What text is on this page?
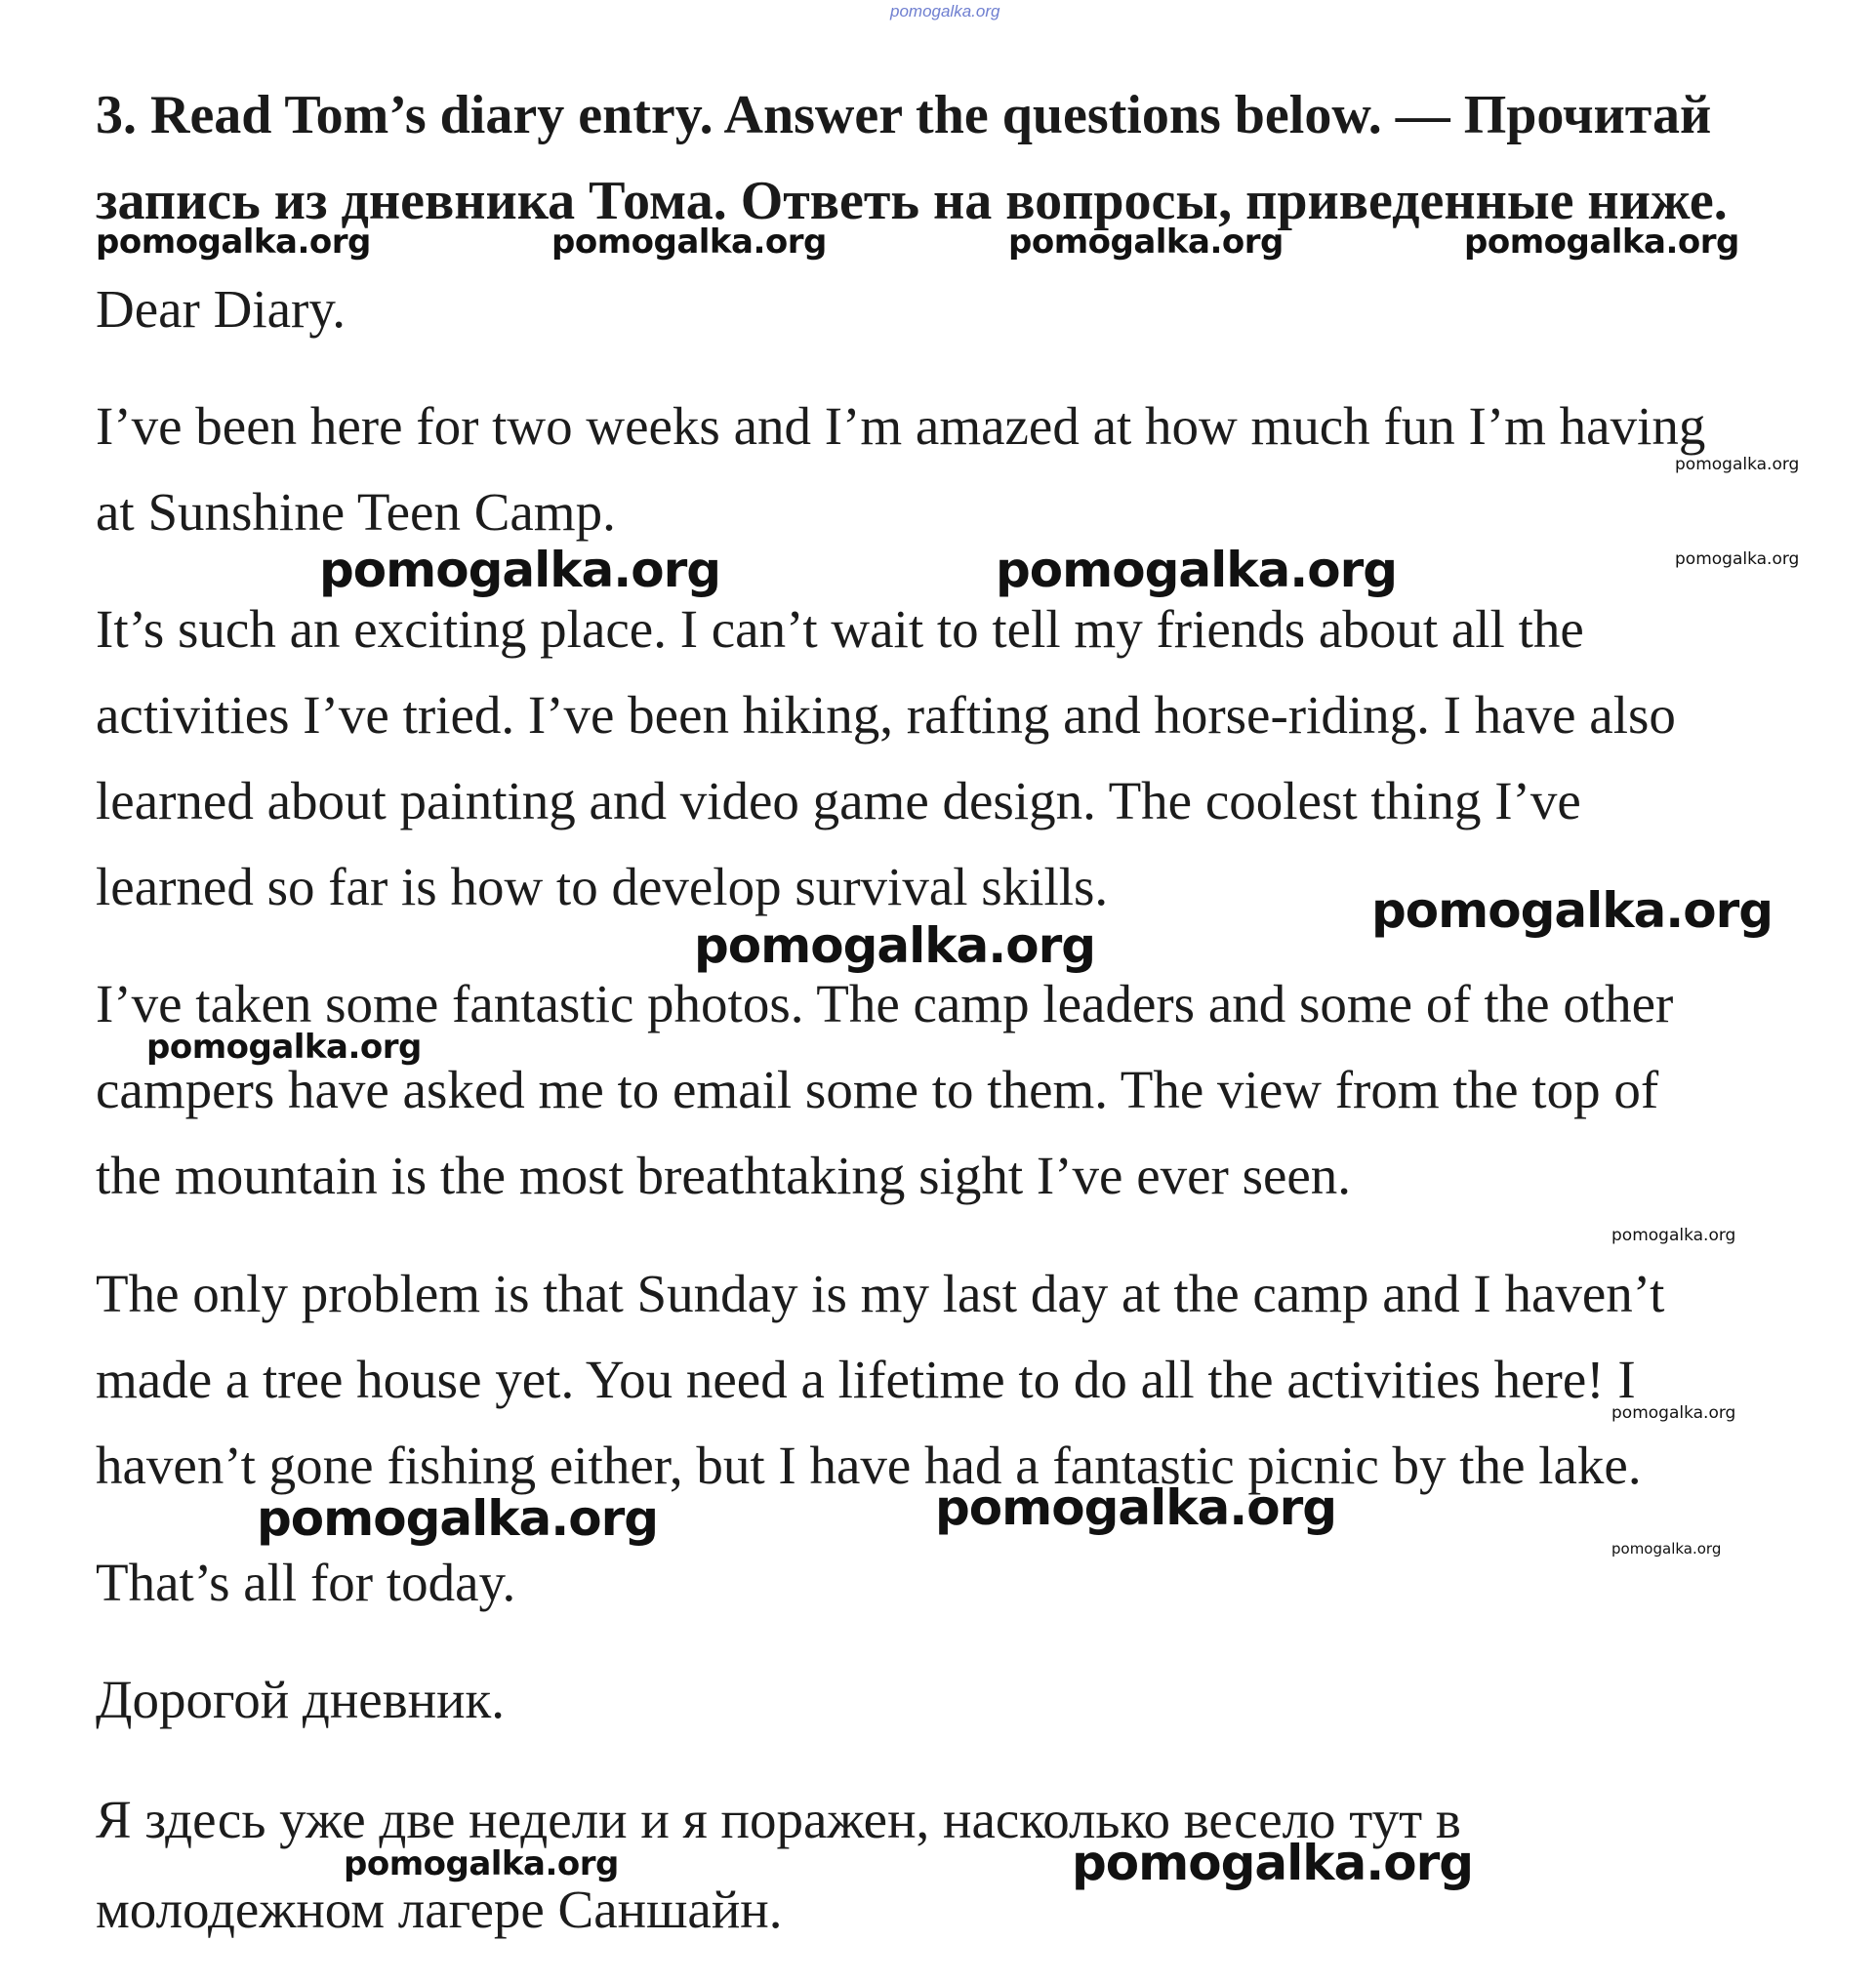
pomogalka.org
3. Read Tom’s diary entry. Answer the questions below. — Прочитай запись из дневника Тома. Ответь на вопросы, приведенные ниже.

Dear Diary.

I’ve been here for two weeks and I’m amazed at how much fun I’m having

at Sunshine Teen Camp.

It’s such an exciting place. I can’t wait to tell my friends about all the

activities I’ve tried. I’ve been hiking, rafting and horse-riding. I have also

learned about painting and video game design. The coolest thing I’ve

learned so far is how to develop survival skills.

I’ve taken some fantastic photos. The camp leaders and some of the other

campers have asked me to email some to them. The view from the top of

the mountain is the most breathtaking sight I’ve ever seen.

The only problem is that Sunday is my last day at the camp and I haven’t

made a tree house yet. You need a lifetime to do all the activities here! I

haven’t gone fishing either, but I have had a fantastic picnic by the lake.

That’s all for today.

Дорогой дневник.

Я здесь уже две недели и я поражен, насколько весело тут в

молодежном лагере Саншайн.

pomogalka.org	pomogalka.org	pomogalka.org	pomogalka.org
pomogalka.org
pomogalka.org	pomogalka.org	pomogalka.org
pomogalka.org
pomogalka.org
pomogalka.org
pomogalka.org
pomogalka.org
pomogalka.org
pomogalka.org
pomogalka.org
pomogalka.org	pomogalka.org
